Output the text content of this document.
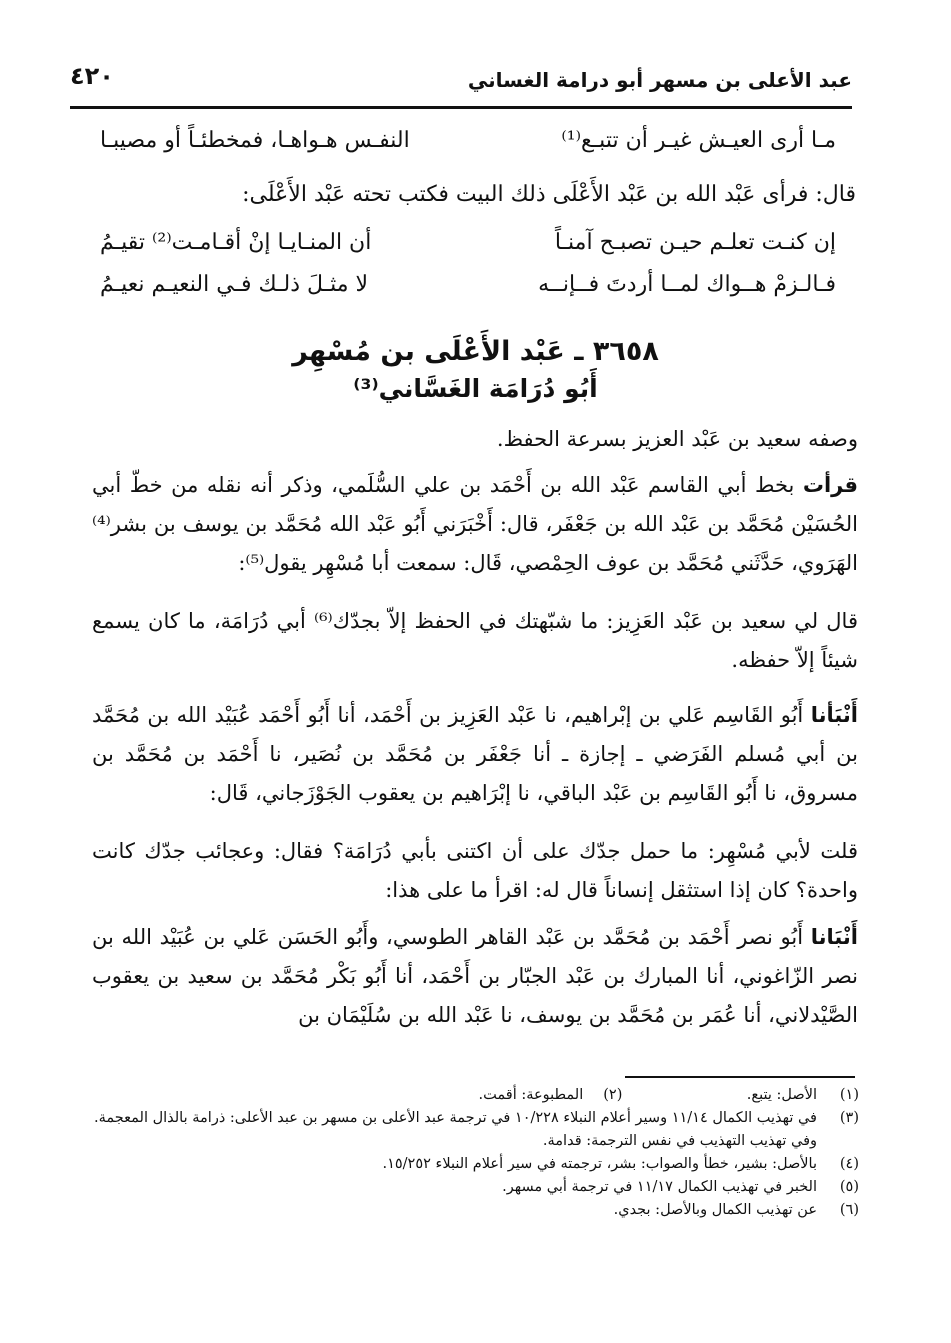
٤٢٠	عبد الأعلى بن مسهر أبو درامة الغساني
مـا أرى العيـش غيـر أن تتبـع⁽¹⁾
النفـس هـواهـا، فمخطئـاً أو مصيبـا
قال: فرأى عَبْد الله بن عَبْد الأَعْلَى ذلك البيت فكتب تحته عَبْد الأَعْلَى:
إن كنـت تعلـم حيـن تصبـح آمنـاً
أن المنـايـا إنْ أقـامـت⁽²⁾ تقيـمُ
فـالـزمْ هــواك لمــا أردتَ فــإنــه
لا مثـلَ ذلـك فـي النعيـم نعيـمُ
٣٦٥٨ ـ عَبْد الأَعْلَى بن مُسْهِر
أَبُو دُرَامَة الغَسَّاني⁽³⁾
وصفه سعيد بن عَبْد العزيز بسرعة الحفظ.
قرأت بخط أبي القاسم عَبْد الله بن أَحْمَد بن علي السُّلَمي، وذكر أنه نقله من خطّ أبي الحُسَيْن مُحَمَّد بن عَبْد الله بن جَعْفَر، قال: أَخْبَرَني أَبُو عَبْد الله مُحَمَّد بن يوسف بن بشر⁽⁴⁾ الهَرَوي، حَدَّثَني مُحَمَّد بن عوف الحِمْصي، قَال: سمعت أبا مُسْهِر يقول⁽⁵⁾:
قال لي سعيد بن عَبْد العَزِيز: ما شبّهتك في الحفظ إلاّ بجدّك⁽⁶⁾ أبي دُرَامَة، ما كان يسمع شيئاً إلاّ حفظه.
أَنْبَأنا أَبُو القَاسِم عَلي بن إبْراهيم، نا عَبْد العَزِيز بن أَحْمَد، أنا أَبُو أَحْمَد عُبَيْد الله بن مُحَمَّد بن أبي مُسلم الفَرَضي ـ إجازة ـ أنا جَعْفَر بن مُحَمَّد بن نُصَير، نا أَحْمَد بن مُحَمَّد بن مسروق، نا أَبُو القَاسِم بن عَبْد الباقي، نا إبْرَاهيم بن يعقوب الجَوْزَجاني، قَال:
قلت لأبي مُسْهِر: ما حمل جدّك على أن اكتنى بأبي دُرَامَة؟ فقال: وعجائب جدّك كانت واحدة؟ كان إذا استثقل إنساناً قال له: اقرأ ما على هذا:
أَنْبَانا أَبُو نصر أَحْمَد بن مُحَمَّد بن عَبْد القاهر الطوسي، وأَبُو الحَسَن عَلي بن عُبَيْد الله بن نصر الزّاغوني، أنا المبارك بن عَبْد الجبّار بن أَحْمَد، أنا أَبُو بَكْر مُحَمَّد بن سعيد بن يعقوب الصَّيْدلاني، أنا عُمَر بن مُحَمَّد بن يوسف، نا عَبْد الله بن سُلَيْمَان بن
(١)
الأصل: يتبع. (٢)المطبوعة: أقمت.
(٣)
في تهذيب الكمال ١١/١٤ وسير أعلام النبلاء ١٠/٢٢٨ في ترجمة عبد الأعلى بن مسهر بن عبد الأعلى: ذرامة بالذال المعجمة. وفي تهذيب التهذيب في نفس الترجمة: قدامة.
(٤)
بالأصل: بشير، خطأ والصواب: بشر، ترجمته في سير أعلام النبلاء ١٥/٢٥٢.
(٥)
الخبر في تهذيب الكمال ١١/١٧ في ترجمة أبي مسهر.
(٦)
عن تهذيب الكمال وبالأصل: بجدي.
